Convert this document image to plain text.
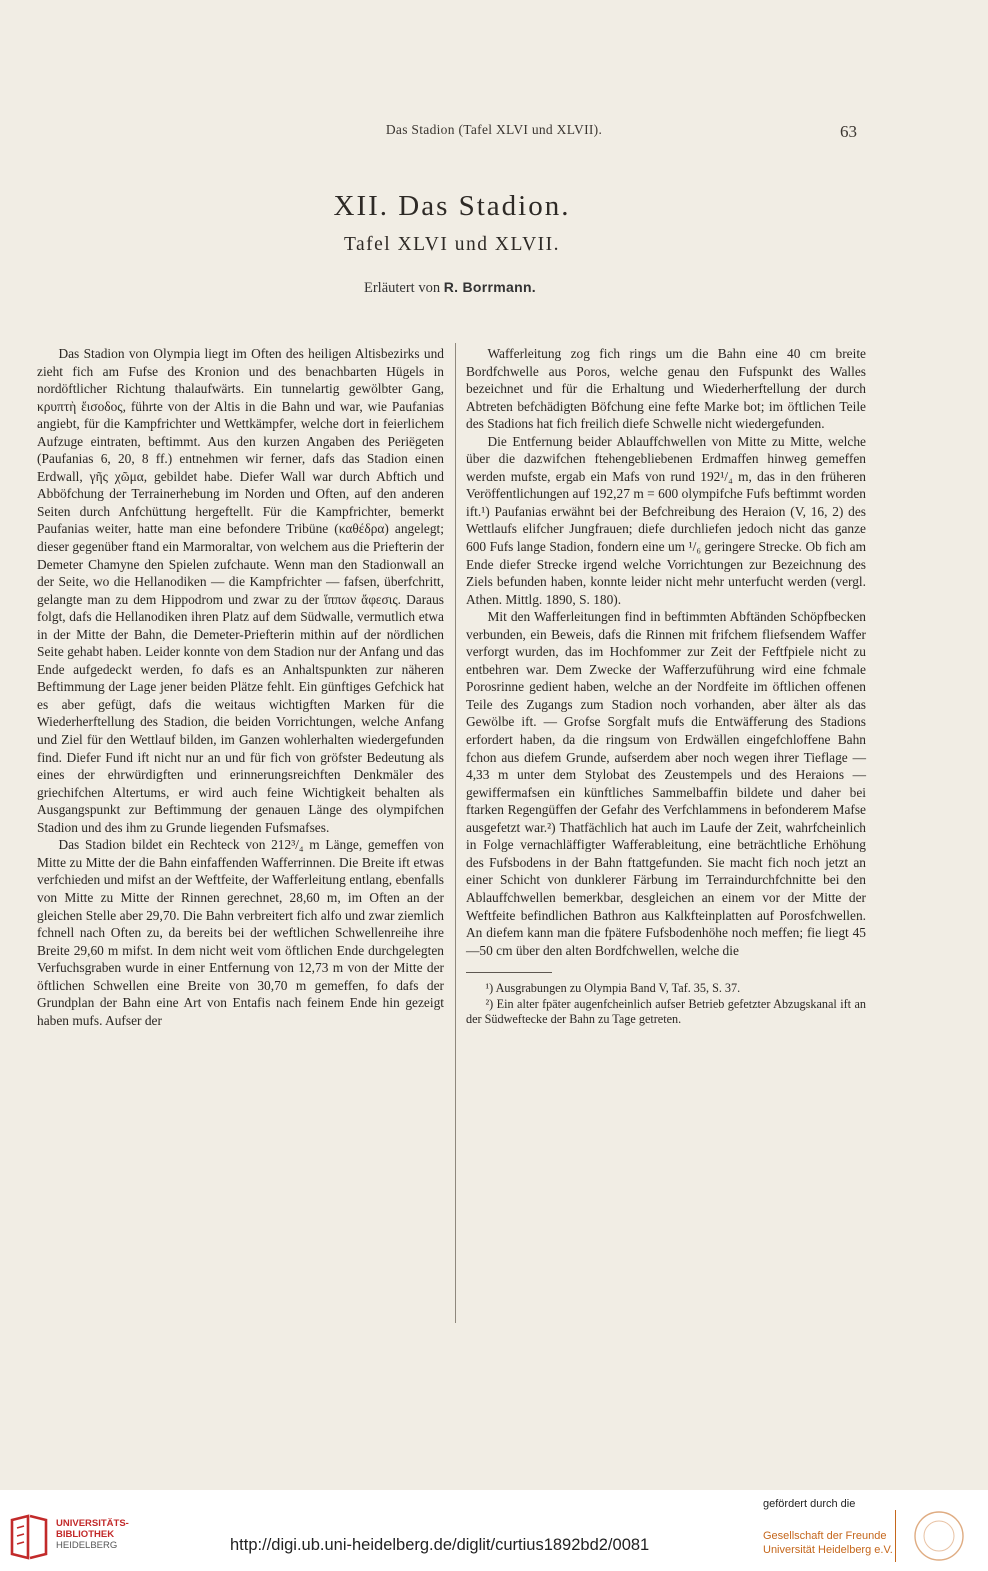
Das Stadion (Tafel XLVI und XLVII).	63
XII. Das Stadion.
Tafel XLVI und XLVII.
Erläutert von R. Borrmann.

Das Stadion von Olympia liegt im Often des heiligen Altisbezirks und zieht fich am Fufse des Kronion und des benachbarten Hügels in nordöftlicher Richtung thalaufwärts. Ein tunnelartig gewölbter Gang, κρυπτὴ ἔισοδος, führte von der Altis in die Bahn und war, wie Paufanias angiebt, für die Kampfrichter und Wettkämpfer, welche dort in feierlichem Aufzuge eintraten, beftimmt. Aus den kurzen Angaben des Periëgeten (Paufanias 6, 20, 8 ff.) entnehmen wir ferner, dafs das Stadion einen Erdwall, γῆς χῶμα, gebildet habe. Diefer Wall war durch Abftich und Abböfchung der Terrainerhebung im Norden und Often, auf den anderen Seiten durch Anfchüttung hergeftellt. Für die Kampfrichter, bemerkt Paufanias weiter, hatte man eine befondere Tribüne (καθέδρα) angelegt; dieser gegenüber ftand ein Marmoraltar, von welchem aus die Priefterin der Demeter Chamyne den Spielen zufchaute. Wenn man den Stadionwall an der Seite, wo die Hellanodiken — die Kampfrichter — fafsen, überfchritt, gelangte man zu dem Hippodrom und zwar zu der ἵππων ἄφεσις. Daraus folgt, dafs die Hellanodiken ihren Platz auf dem Südwalle, vermutlich etwa in der Mitte der Bahn, die Demeter-Priefterin mithin auf der nördlichen Seite gehabt haben. Leider konnte von dem Stadion nur der Anfang und das Ende aufgedeckt werden, fo dafs es an Anhaltspunkten zur näheren Beftimmung der Lage jener beiden Plätze fehlt. Ein günftiges Gefchick hat es aber gefügt, dafs die weitaus wichtigften Marken für die Wiederherftellung des Stadion, die beiden Vorrichtungen, welche Anfang und Ziel für den Wettlauf bilden, im Ganzen wohlerhalten wiedergefunden find. Diefer Fund ift nicht nur an und für fich von gröfster Bedeutung als eines der ehrwürdigften und erinnerungsreichften Denkmäler des griechifchen Altertums, er wird auch feine Wichtigkeit behalten als Ausgangspunkt zur Beftimmung der genauen Länge des olympifchen Stadion und des ihm zu Grunde liegenden Fufsmafses.

Das Stadion bildet ein Rechteck von 212³/₄ m Länge, gemeffen von Mitte zu Mitte der die Bahn einfaffenden Wafferrinnen. Die Breite ift etwas verfchieden und mifst an der Weftfeite, der Wafferleitung entlang, ebenfalls von Mitte zu Mitte der Rinnen gerechnet, 28,60 m, im Often an der gleichen Stelle aber 29,70. Die Bahn verbreitert fich alfo und zwar ziemlich fchnell nach Often zu, da bereits bei der weftlichen Schwellenreihe ihre Breite 29,60 m mifst. In dem nicht weit vom öftlichen Ende durchgelegten Verfuchsgraben wurde in einer Entfernung von 12,73 m von der Mitte der öftlichen Schwellen eine Breite von 30,70 m gemeffen, fo dafs der Grundplan der Bahn eine Art von Entafis nach feinem Ende hin gezeigt haben mufs. Aufser der

Wafferleitung zog fich rings um die Bahn eine 40 cm breite Bordfchwelle aus Poros, welche genau den Fufspunkt des Walles bezeichnet und für die Erhaltung und Wiederherftellung der durch Abtreten befchädigten Böfchung eine fefte Marke bot; im öftlichen Teile des Stadions hat fich freilich diefe Schwelle nicht wiedergefunden.

Die Entfernung beider Ablauffchwellen von Mitte zu Mitte, welche über die dazwifchen ftehengebliebenen Erdmaffen hinweg gemeffen werden mufste, ergab ein Mafs von rund 192¹/₄ m, das in den früheren Veröffentlichungen auf 192,27 m = 600 olympifche Fufs beftimmt worden ift.¹) Paufanias erwähnt bei der Befchreibung des Heraion (V, 16, 2) des Wettlaufs elifcher Jungfrauen; diefe durchliefen jedoch nicht das ganze 600 Fufs lange Stadion, fondern eine um ¹/₆ geringere Strecke. Ob fich am Ende diefer Strecke irgend welche Vorrichtungen zur Bezeichnung des Ziels befunden haben, konnte leider nicht mehr unterfucht werden (vergl. Athen. Mittlg. 1890, S. 180).

Mit den Wafferleitungen find in beftimmten Abftänden Schöpfbecken verbunden, ein Beweis, dafs die Rinnen mit frifchem fliefsendem Waffer verforgt wurden, das im Hochfommer zur Zeit der Feftfpiele nicht zu entbehren war. Dem Zwecke der Wafferzuführung wird eine fchmale Porosrinne gedient haben, welche an der Nordfeite im öftlichen offenen Teile des Zugangs zum Stadion noch vorhanden, aber älter als das Gewölbe ift. — Grofse Sorgfalt mufs die Entwäfferung des Stadions erfordert haben, da die ringsum von Erdwällen eingefchloffene Bahn fchon aus diefem Grunde, aufserdem aber noch wegen ihrer Tieflage — 4,33 m unter dem Stylobat des Zeustempels und des Heraions — gewiffermafsen ein künftliches Sammelbaffin bildete und daher bei ftarken Regengüffen der Gefahr des Verfchlammens in befonderem Mafse ausgefetzt war.²) Thatfächlich hat auch im Laufe der Zeit, wahrfcheinlich in Folge vernachläffigter Wafferableitung, eine beträchtliche Erhöhung des Fufsbodens in der Bahn ftattgefunden. Sie macht fich noch jetzt an einer Schicht von dunklerer Färbung im Terraindurchfchnitte bei den Ablauffchwellen bemerkbar, desgleichen an einem vor der Mitte der Weftfeite befindlichen Bathron aus Kalkfteinplatten auf Porosfchwellen. An diefem kann man die fpätere Fufsbodenhöhe noch meffen; fie liegt 45—50 cm über den alten Bordfchwellen, welche die

¹) Ausgrabungen zu Olympia Band V, Taf. 35, S. 37.

²) Ein alter fpäter augenfcheinlich aufser Betrieb gefetzter Abzugskanal ift an der Südweftecke der Bahn zu Tage getreten.

UNIVERSITÄTS-
BIBLIOTHEK
HEIDELBERG	http://digi.ub.uni-heidelberg.de/diglit/curtius1892bd2/0081
gefördert durch die
Gesellschaft der Freunde
Universität Heidelberg e.V.
